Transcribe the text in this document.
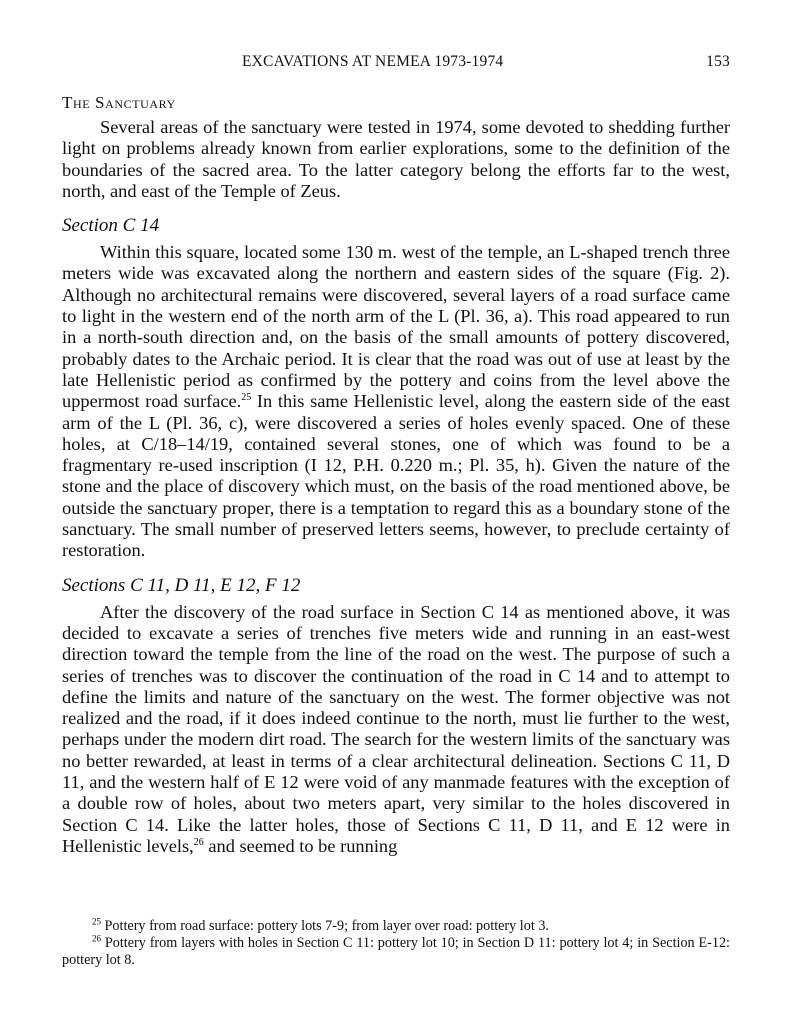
EXCAVATIONS AT NEMEA 1973-1974	153
The Sanctuary

Several areas of the sanctuary were tested in 1974, some devoted to shedding further light on problems already known from earlier explorations, some to the definition of the boundaries of the sacred area. To the latter category belong the efforts far to the west, north, and east of the Temple of Zeus.

Section C 14

Within this square, located some 130 m. west of the temple, an L-shaped trench three meters wide was excavated along the northern and eastern sides of the square (Fig. 2). Although no architectural remains were discovered, several layers of a road surface came to light in the western end of the north arm of the L (Pl. 36, a). This road appeared to run in a north-south direction and, on the basis of the small amounts of pottery discovered, probably dates to the Archaic period. It is clear that the road was out of use at least by the late Hellenistic period as confirmed by the pottery and coins from the level above the uppermost road surface.$^{25}$ In this same Hellenistic level, along the eastern side of the east arm of the L (Pl. 36, c), were discovered a series of holes evenly spaced. One of these holes, at C/18–14/19, contained several stones, one of which was found to be a fragmentary re-used inscription (I 12, P.H. 0.220 m.; Pl. 35, h). Given the nature of the stone and the place of discovery which must, on the basis of the road mentioned above, be outside the sanctuary proper, there is a temptation to regard this as a boundary stone of the sanctuary. The small number of preserved letters seems, however, to preclude certainty of restoration.

Sections C 11, D 11, E 12, F 12

After the discovery of the road surface in Section C 14 as mentioned above, it was decided to excavate a series of trenches five meters wide and running in an east-west direction toward the temple from the line of the road on the west. The purpose of such a series of trenches was to discover the continuation of the road in C 14 and to attempt to define the limits and nature of the sanctuary on the west. The former objective was not realized and the road, if it does indeed continue to the north, must lie further to the west, perhaps under the modern dirt road. The search for the western limits of the sanctuary was no better rewarded, at least in terms of a clear architectural delineation. Sections C 11, D 11, and the western half of E 12 were void of any manmade features with the exception of a double row of holes, about two meters apart, very similar to the holes discovered in Section C 14. Like the latter holes, those of Sections C 11, D 11, and E 12 were in Hellenistic levels,$^{26}$ and seemed to be running

$^{25}$ Pottery from road surface: pottery lots 7-9; from layer over road: pottery lot 3.

$^{26}$ Pottery from layers with holes in Section C 11: pottery lot 10; in Section D 11: pottery lot 4; in Section E-12: pottery lot 8.
